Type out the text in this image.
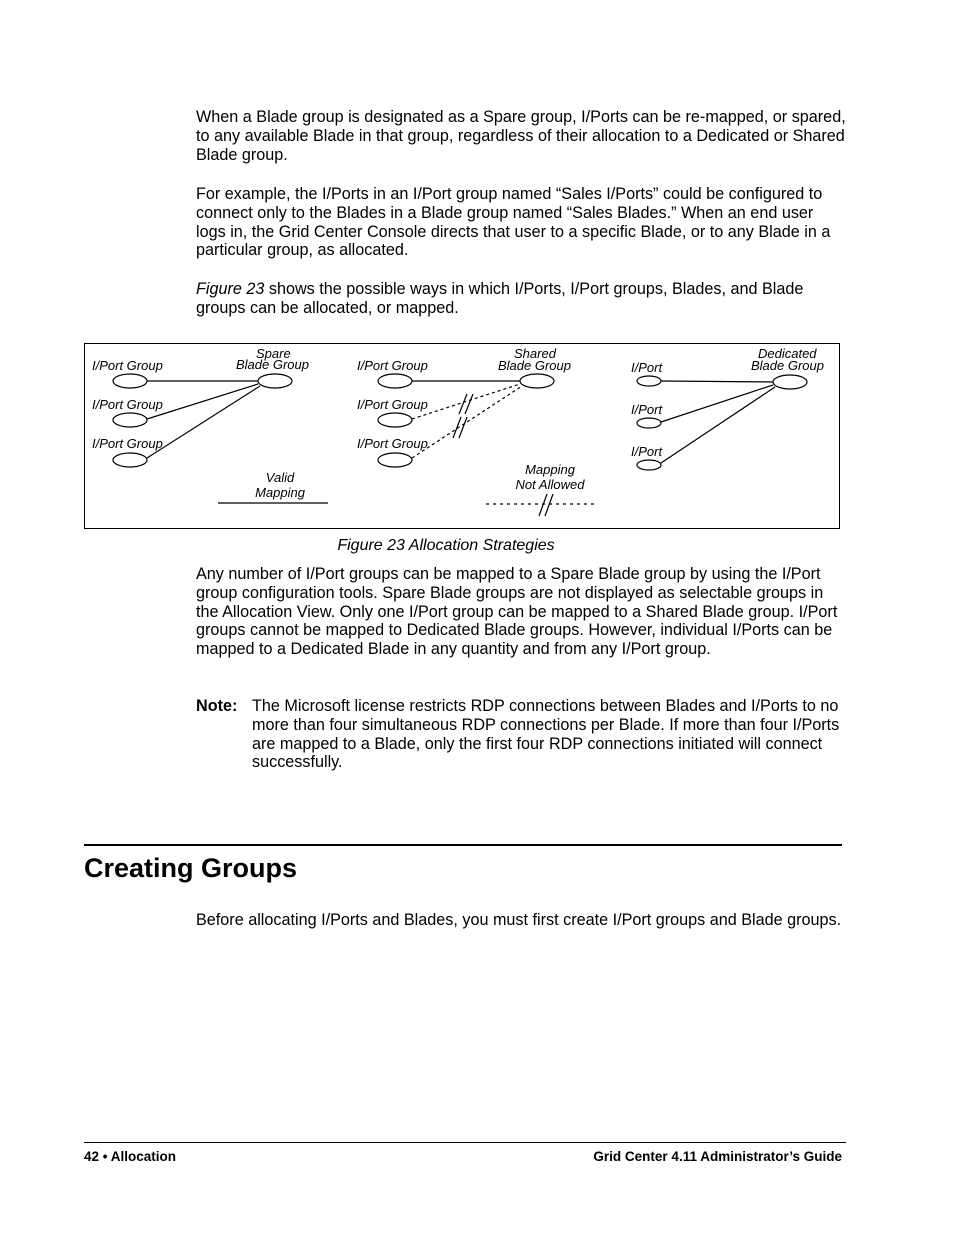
When a Blade group is designated as a Spare group, I/Ports can be re-mapped, or spared, to any available Blade in that group, regardless of their allocation to a Dedicated or Shared Blade group.

For example, the I/Ports in an I/Port group named “Sales I/Ports” could be configured to connect only to the Blades in a Blade group named “Sales Blades.” When an end user logs in, the Grid Center Console directs that user to a specific Blade, or to any Blade in a particular group, as allocated.

Figure 23 shows the possible ways in which I/Ports, I/Port groups, Blades, and Blade groups can be allocated, or mapped.

I/Port Group
I/Port Group
I/Port Group
Spare
Blade Group	I/Port Group
I/Port Group
I/Port Group
Shared
Blade Group	I/Port
I/Port
I/Port
Dedicated
Blade Group
Valid
Mapping
Mapping
Not Allowed

Figure 23 Allocation Strategies

Any number of I/Port groups can be mapped to a Spare Blade group by using the I/Port group configuration tools. Spare Blade groups are not displayed as selectable groups in the Allocation View. Only one I/Port group can be mapped to a Shared Blade group. I/Port groups cannot be mapped to Dedicated Blade groups. However, individual I/Ports can be mapped to a Dedicated Blade in any quantity and from any I/Port group.

Note: The Microsoft license restricts RDP connections between Blades and I/Ports to no more than four simultaneous RDP connections per Blade. If more than four I/Ports are mapped to a Blade, only the first four RDP connections initiated will connect successfully.

Creating Groups

Before allocating I/Ports and Blades, you must first create I/Port groups and Blade groups.

42 • Allocation	Grid Center 4.11 Administrator’s Guide
